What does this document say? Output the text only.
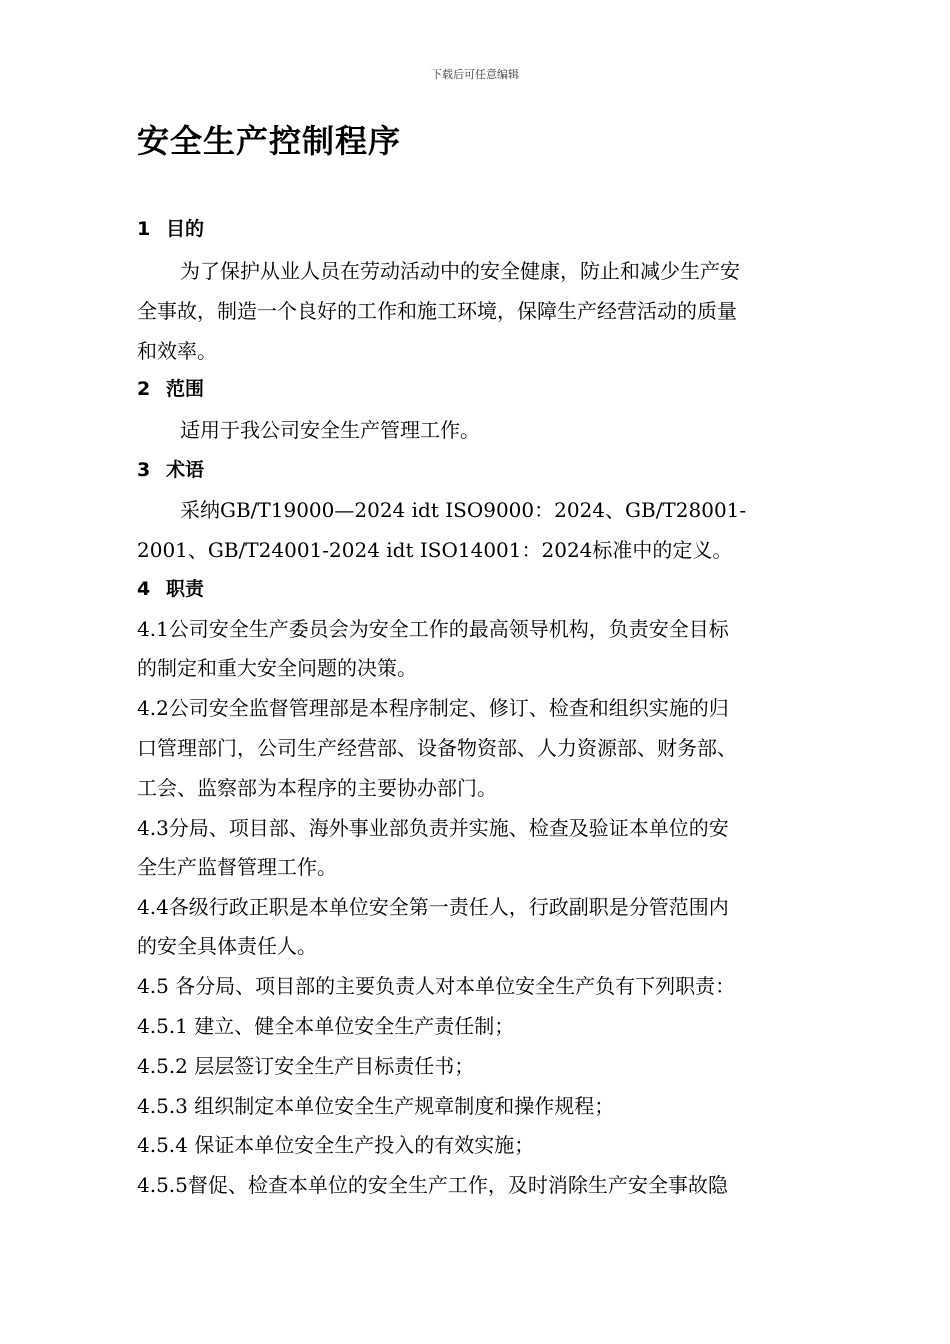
下载后可任意编辑
安全生产控制程序
1 目的
为了保护从业人员在劳动活动中的安全健康，防止和减少生产安
全事故，制造一个良好的工作和施工环境，保障生产经营活动的质量
和效率。
2 范围
适用于我公司安全生产管理工作。
3 术语
采纳GB/T19000—2024 idt ISO9000：2024、GB/T28001-
2001、GB/T24001-2024 idt ISO14001：2024标准中的定义。
4 职责
4.1公司安全生产委员会为安全工作的最高领导机构，负责安全目标
的制定和重大安全问题的决策。
4.2公司安全监督管理部是本程序制定、修订、检查和组织实施的归
口管理部门，公司生产经营部、设备物资部、人力资源部、财务部、
工会、监察部为本程序的主要协办部门。
4.3分局、项目部、海外事业部负责并实施、检查及验证本单位的安
全生产监督管理工作。
4.4各级行政正职是本单位安全第一责任人，行政副职是分管范围内
的安全具体责任人。
4.5 各分局、项目部的主要负责人对本单位安全生产负有下列职责：
4.5.1 建立、健全本单位安全生产责任制；
4.5.2 层层签订安全生产目标责任书；
4.5.3 组织制定本单位安全生产规章制度和操作规程；
4.5.4 保证本单位安全生产投入的有效实施；
4.5.5督促、检查本单位的安全生产工作，及时消除生产安全事故隐
